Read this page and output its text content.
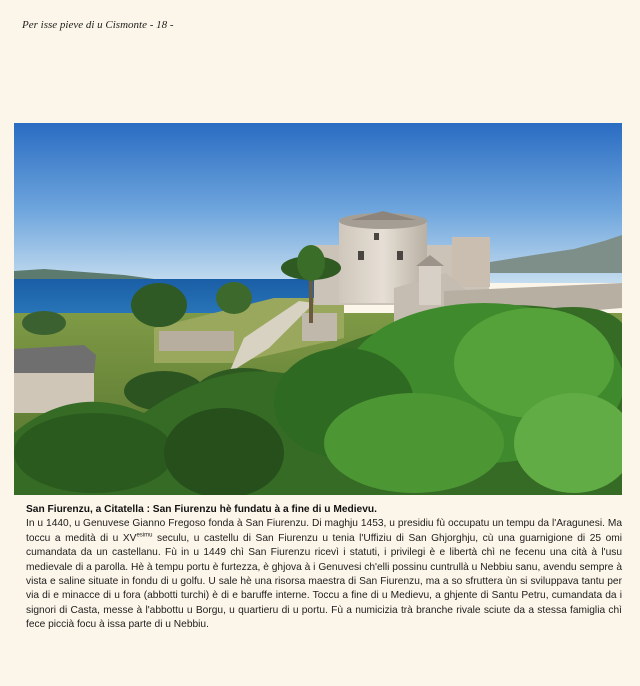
Per isse pieve di u Cismonte - 18 -
San Fiurenzu, a Citatella : San Fiurenzu hè fundatu à a fine di u Medievu.

In u 1440, u Genuvese Gianno Fregoso fonda à San Fiurenzu. Di maghju 1453, u presidiu fù occupatu un tempu da l'Aragunesi. Ma toccu a medità di u $XV^{esimu}$ seculu, u castellu di San Fiurenzu u tenia l'Uffiziu di San Ghjorghju, cù una guarnigione di 25 omi cumandata da un castellanu. Fù in u 1449 chì San Fiurenzu ricevì i statuti, i privilegi è e libertà chì ne fecenu una cità à l'usu medievale di a parolla. Hè à tempu portu è furtezza, è ghjova à i Genuvesi ch'elli possinu cuntrullà u Nebbiu sanu, avendu sempre à vista e saline situate in fondu di u golfu. U sale hè una risorsa maestra di San Fiurenzu, ma a so sfruttera ùn si sviluppava tantu per via di e minacce di u fora (abbotti turchi) è di e baruffe interne. Toccu a fine di u Medievu, a ghjente di Santu Petru, cumandata da i signori di Casta, messe à l'abbottu u Borgu, u quartieru di u portu. Fù a numicizia trà branche rivale sciute da a stessa famiglia chì fece piccià focu à issa parte di u Nebbiu.
